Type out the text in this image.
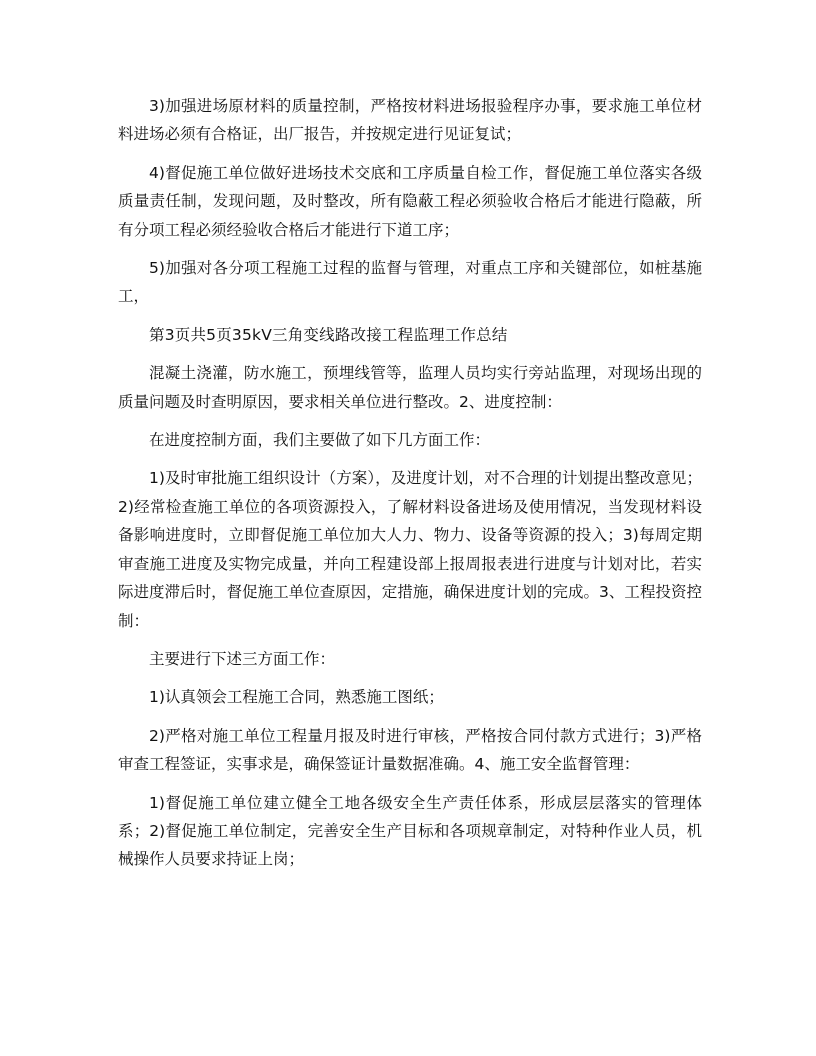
3)加强进场原材料的质量控制，严格按材料进场报验程序办事，要求施工单位材料进场必须有合格证，出厂报告，并按规定进行见证复试；

4)督促施工单位做好进场技术交底和工序质量自检工作，督促施工单位落实各级质量责任制，发现问题，及时整改，所有隐蔽工程必须验收合格后才能进行隐蔽，所有分项工程必须经验收合格后才能进行下道工序；

5)加强对各分项工程施工过程的监督与管理，对重点工序和关键部位，如桩基施工，

第3页共5页35kV三角变线路改接工程监理工作总结

混凝土浇灌，防水施工，预埋线管等，监理人员均实行旁站监理，对现场出现的质量问题及时查明原因，要求相关单位进行整改。2、进度控制：

在进度控制方面，我们主要做了如下几方面工作：

1)及时审批施工组织设计（方案），及进度计划，对不合理的计划提出整改意见；2)经常检查施工单位的各项资源投入，了解材料设备进场及使用情况，当发现材料设备影响进度时，立即督促施工单位加大人力、物力、设备等资源的投入；3)每周定期审查施工进度及实物完成量，并向工程建设部上报周报表进行进度与计划对比，若实际进度滞后时，督促施工单位查原因，定措施，确保进度计划的完成。3、工程投资控制：

主要进行下述三方面工作：

1)认真领会工程施工合同，熟悉施工图纸；

2)严格对施工单位工程量月报及时进行审核，严格按合同付款方式进行；3)严格审查工程签证，实事求是，确保签证计量数据准确。4、施工安全监督管理：

1)督促施工单位建立健全工地各级安全生产责任体系，形成层层落实的管理体系；2)督促施工单位制定，完善安全生产目标和各项规章制定，对特种作业人员，机械操作人员要求持证上岗；
